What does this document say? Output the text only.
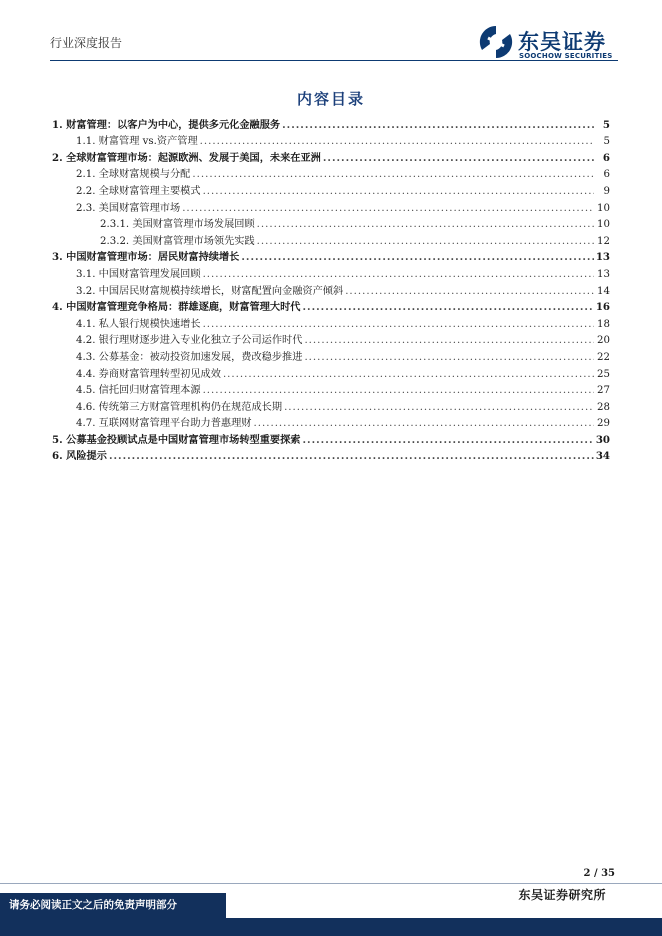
行业深度报告	东吴证券
SOOCHOW SECURITIES
内容目录
1. 财富管理：以客户为中心，提供多元化金融服务 .....	5
1.1. 财富管理 vs.资产管理 .....	5
2. 全球财富管理市场：起源欧洲、发展于美国，未来在亚洲 .....	6
2.1. 全球财富规模与分配 .....	6
2.2. 全球财富管理主要模式 .....	9
2.3. 美国财富管理市场 .....	10
2.3.1. 美国财富管理市场发展回顾 .....	10
2.3.2. 美国财富管理市场领先实践 .....	12
3. 中国财富管理市场：居民财富持续增长 .....	13
3.1. 中国财富管理发展回顾 .....	13
3.2. 中国居民财富规模持续增长，财富配置向金融资产倾斜 .....	14
4. 中国财富管理竞争格局：群雄逐鹿，财富管理大时代 .....	16
4.1. 私人银行规模快速增长 .....	18
4.2. 银行理财逐步进入专业化独立子公司运作时代 .....	20
4.3. 公募基金：被动投资加速发展，费改稳步推进 .....	22
4.4. 券商财富管理转型初见成效 .....	25
4.5. 信托回归财富管理本源 .....	27
4.6. 传统第三方财富管理机构仍在规范成长期 .....	28
4.7. 互联网财富管理平台助力普惠理财 .....	29
5. 公募基金投顾试点是中国财富管理市场转型重要探索 .....	30
6. 风险提示 .....	34
2 / 35
请务必阅读正文之后的免责声明部分
东吴证券研究所
